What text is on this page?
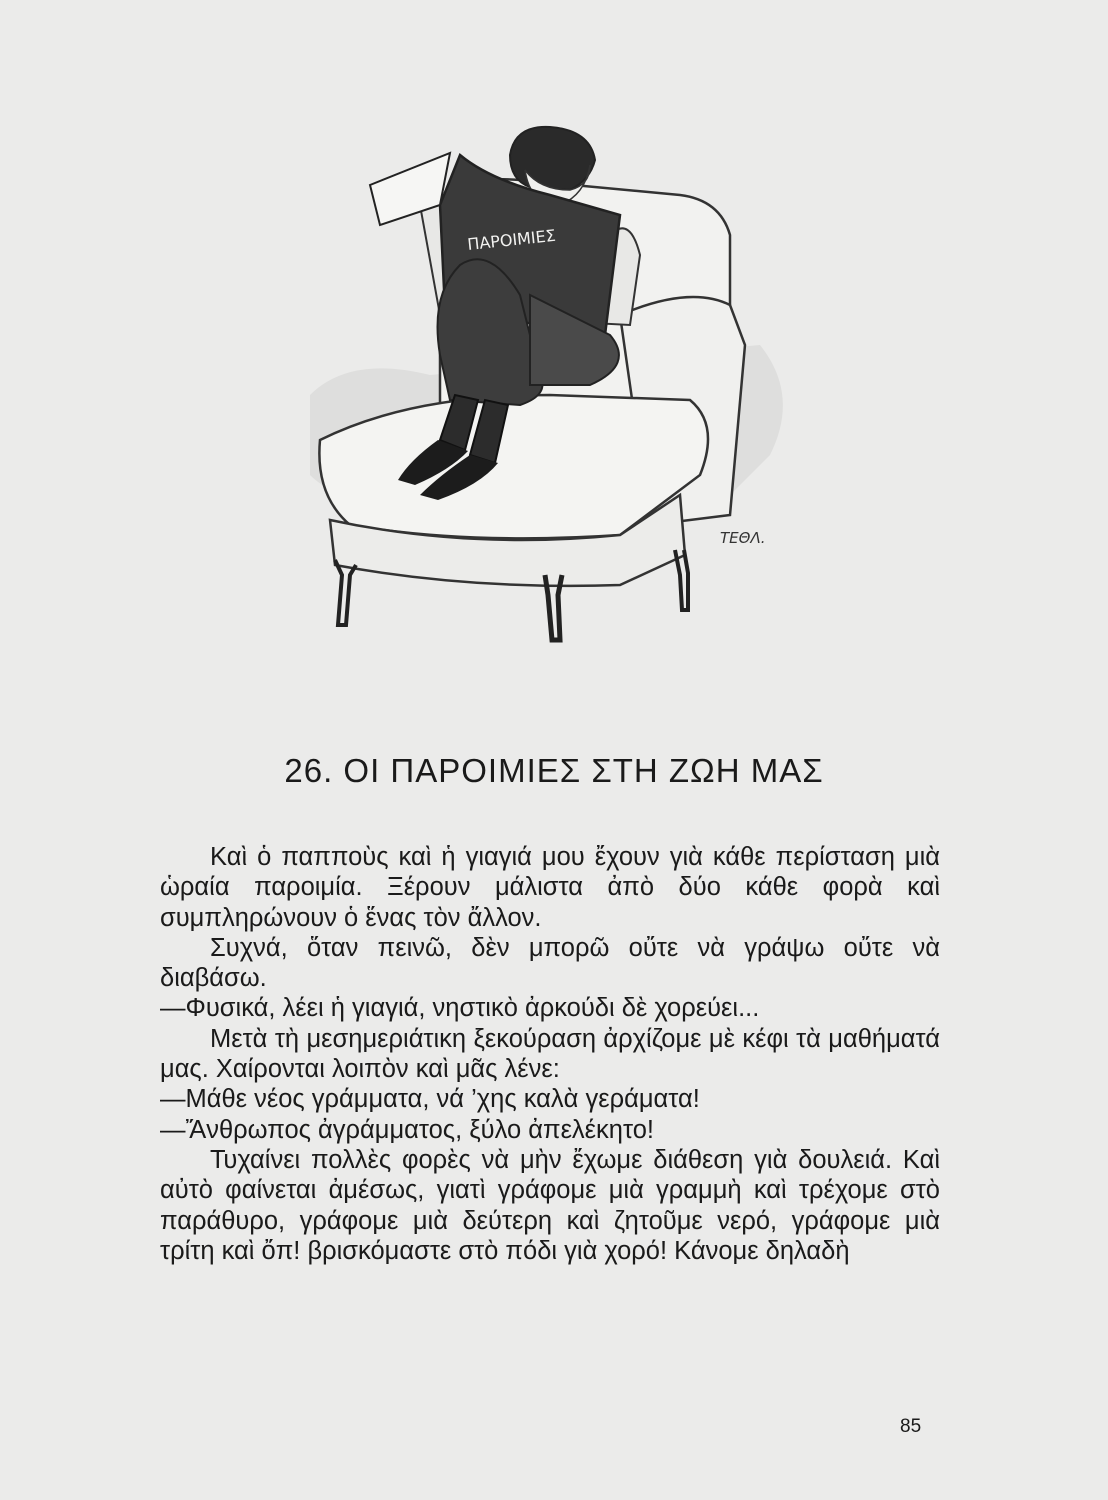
ΠΑΡΟΙΜΙΕΣ
ΤΕΘΛ.
26. ΟΙ ΠΑΡΟΙΜΙΕΣ ΣΤΗ ΖΩΗ ΜΑΣ

Καὶ ὁ παπποὺς καὶ ἡ γιαγιά μου ἔχουν γιὰ κάθε περίσταση μιὰ ὡραία παροιμία. Ξέρουν μάλιστα ἀπὸ δύο κάθε φορὰ καὶ συμπληρώνουν ὁ ἕνας τὸν ἄλλον.

Συχνά, ὅταν πεινῶ, δὲν μπορῶ οὔτε νὰ γράψω οὔτε νὰ διαβάσω.

—Φυσικά, λέει ἡ γιαγιά, νηστικὸ ἀρκούδι δὲ χορεύει...

Μετὰ τὴ μεσημεριάτικη ξεκούραση ἀρχίζομε μὲ κέφι τὰ μαθήματά μας. Χαίρονται λοιπὸν καὶ μᾶς λένε:

—Μάθε νέος γράμματα, νά ’χης καλὰ γεράματα!

—Ἄνθρωπος ἀγράμματος, ξύλο ἀπελέκητο!

Τυχαίνει πολλὲς φορὲς νὰ μὴν ἔχωμε διάθεση γιὰ δουλειά. Καὶ αὐτὸ φαίνεται ἀμέσως, γιατὶ γράφομε μιὰ γραμμὴ καὶ τρέχομε στὸ παράθυρο, γράφομε μιὰ δεύτερη καὶ ζητοῦμε νερό, γράφομε μιὰ τρίτη καὶ ὄπ! βρισκόμαστε στὸ πόδι γιὰ χορό! Κάνομε δηλαδὴ

85
